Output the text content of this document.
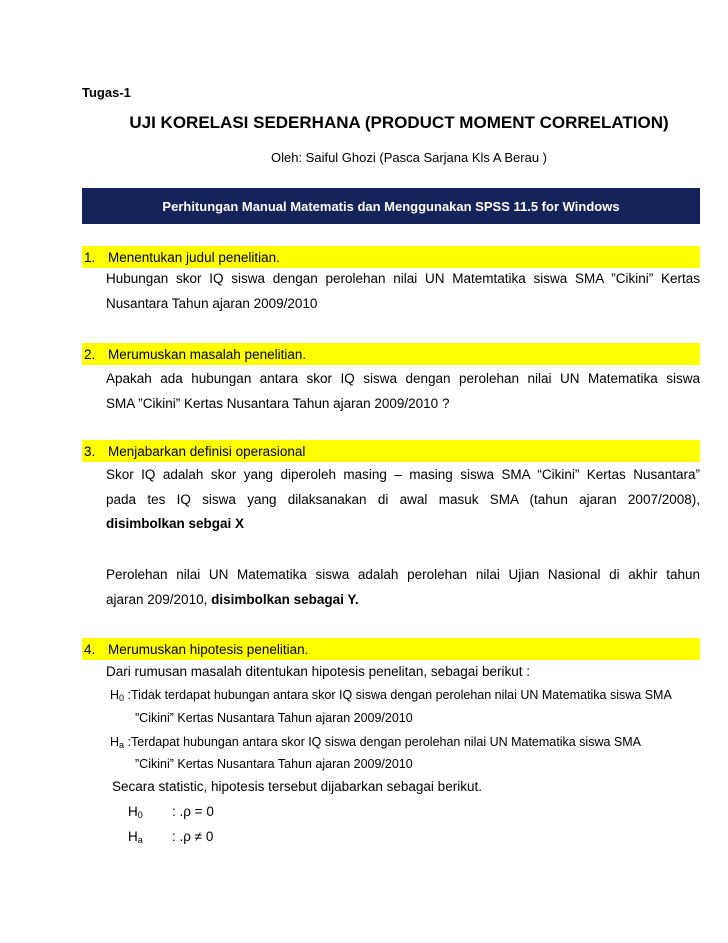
Tugas-1
UJI KORELASI SEDERHANA (PRODUCT MOMENT CORRELATION)
Oleh: Saiful Ghozi (Pasca Sarjana Kls A Berau )
Perhitungan Manual Matematis dan Menggunakan SPSS 11.5 for Windows
1. Menentukan judul penelitian.
Hubungan skor IQ siswa dengan perolehan nilai UN Matemtatika siswa SMA ”Cikini” Kertas
Nusantara Tahun ajaran 2009/2010
2. Merumuskan masalah penelitian.
Apakah ada hubungan antara skor IQ siswa dengan perolehan nilai UN Matematika siswa
SMA ”Cikini” Kertas Nusantara Tahun ajaran 2009/2010 ?
3. Menjabarkan definisi operasional
Skor IQ adalah skor yang diperoleh masing – masing siswa SMA “Cikini” Kertas Nusantara”
pada tes IQ siswa yang dilaksanakan di awal masuk SMA (tahun ajaran 2007/2008),
disimbolkan sebgai X
Perolehan nilai UN Matematika siswa adalah perolehan nilai Ujian Nasional di akhir tahun
ajaran 209/2010, disimbolkan sebagai Y.
4. Merumuskan hipotesis penelitian.
Dari rumusan masalah ditentukan hipotesis penelitan, sebagai berikut :
$H_0$ :Tidak terdapat hubungan antara skor IQ siswa dengan perolehan nilai UN Matematika siswa SMA
”Cikini” Kertas Nusantara Tahun ajaran 2009/2010
$H_a$ :Terdapat hubungan antara skor IQ siswa dengan perolehan nilai UN Matematika siswa SMA
”Cikini” Kertas Nusantara Tahun ajaran 2009/2010
Secara statistic, hipotesis tersebut dijabarkan sebagai berikut.
$H_0$ : .ρ = 0
$H_a$ : .ρ ≠ 0
